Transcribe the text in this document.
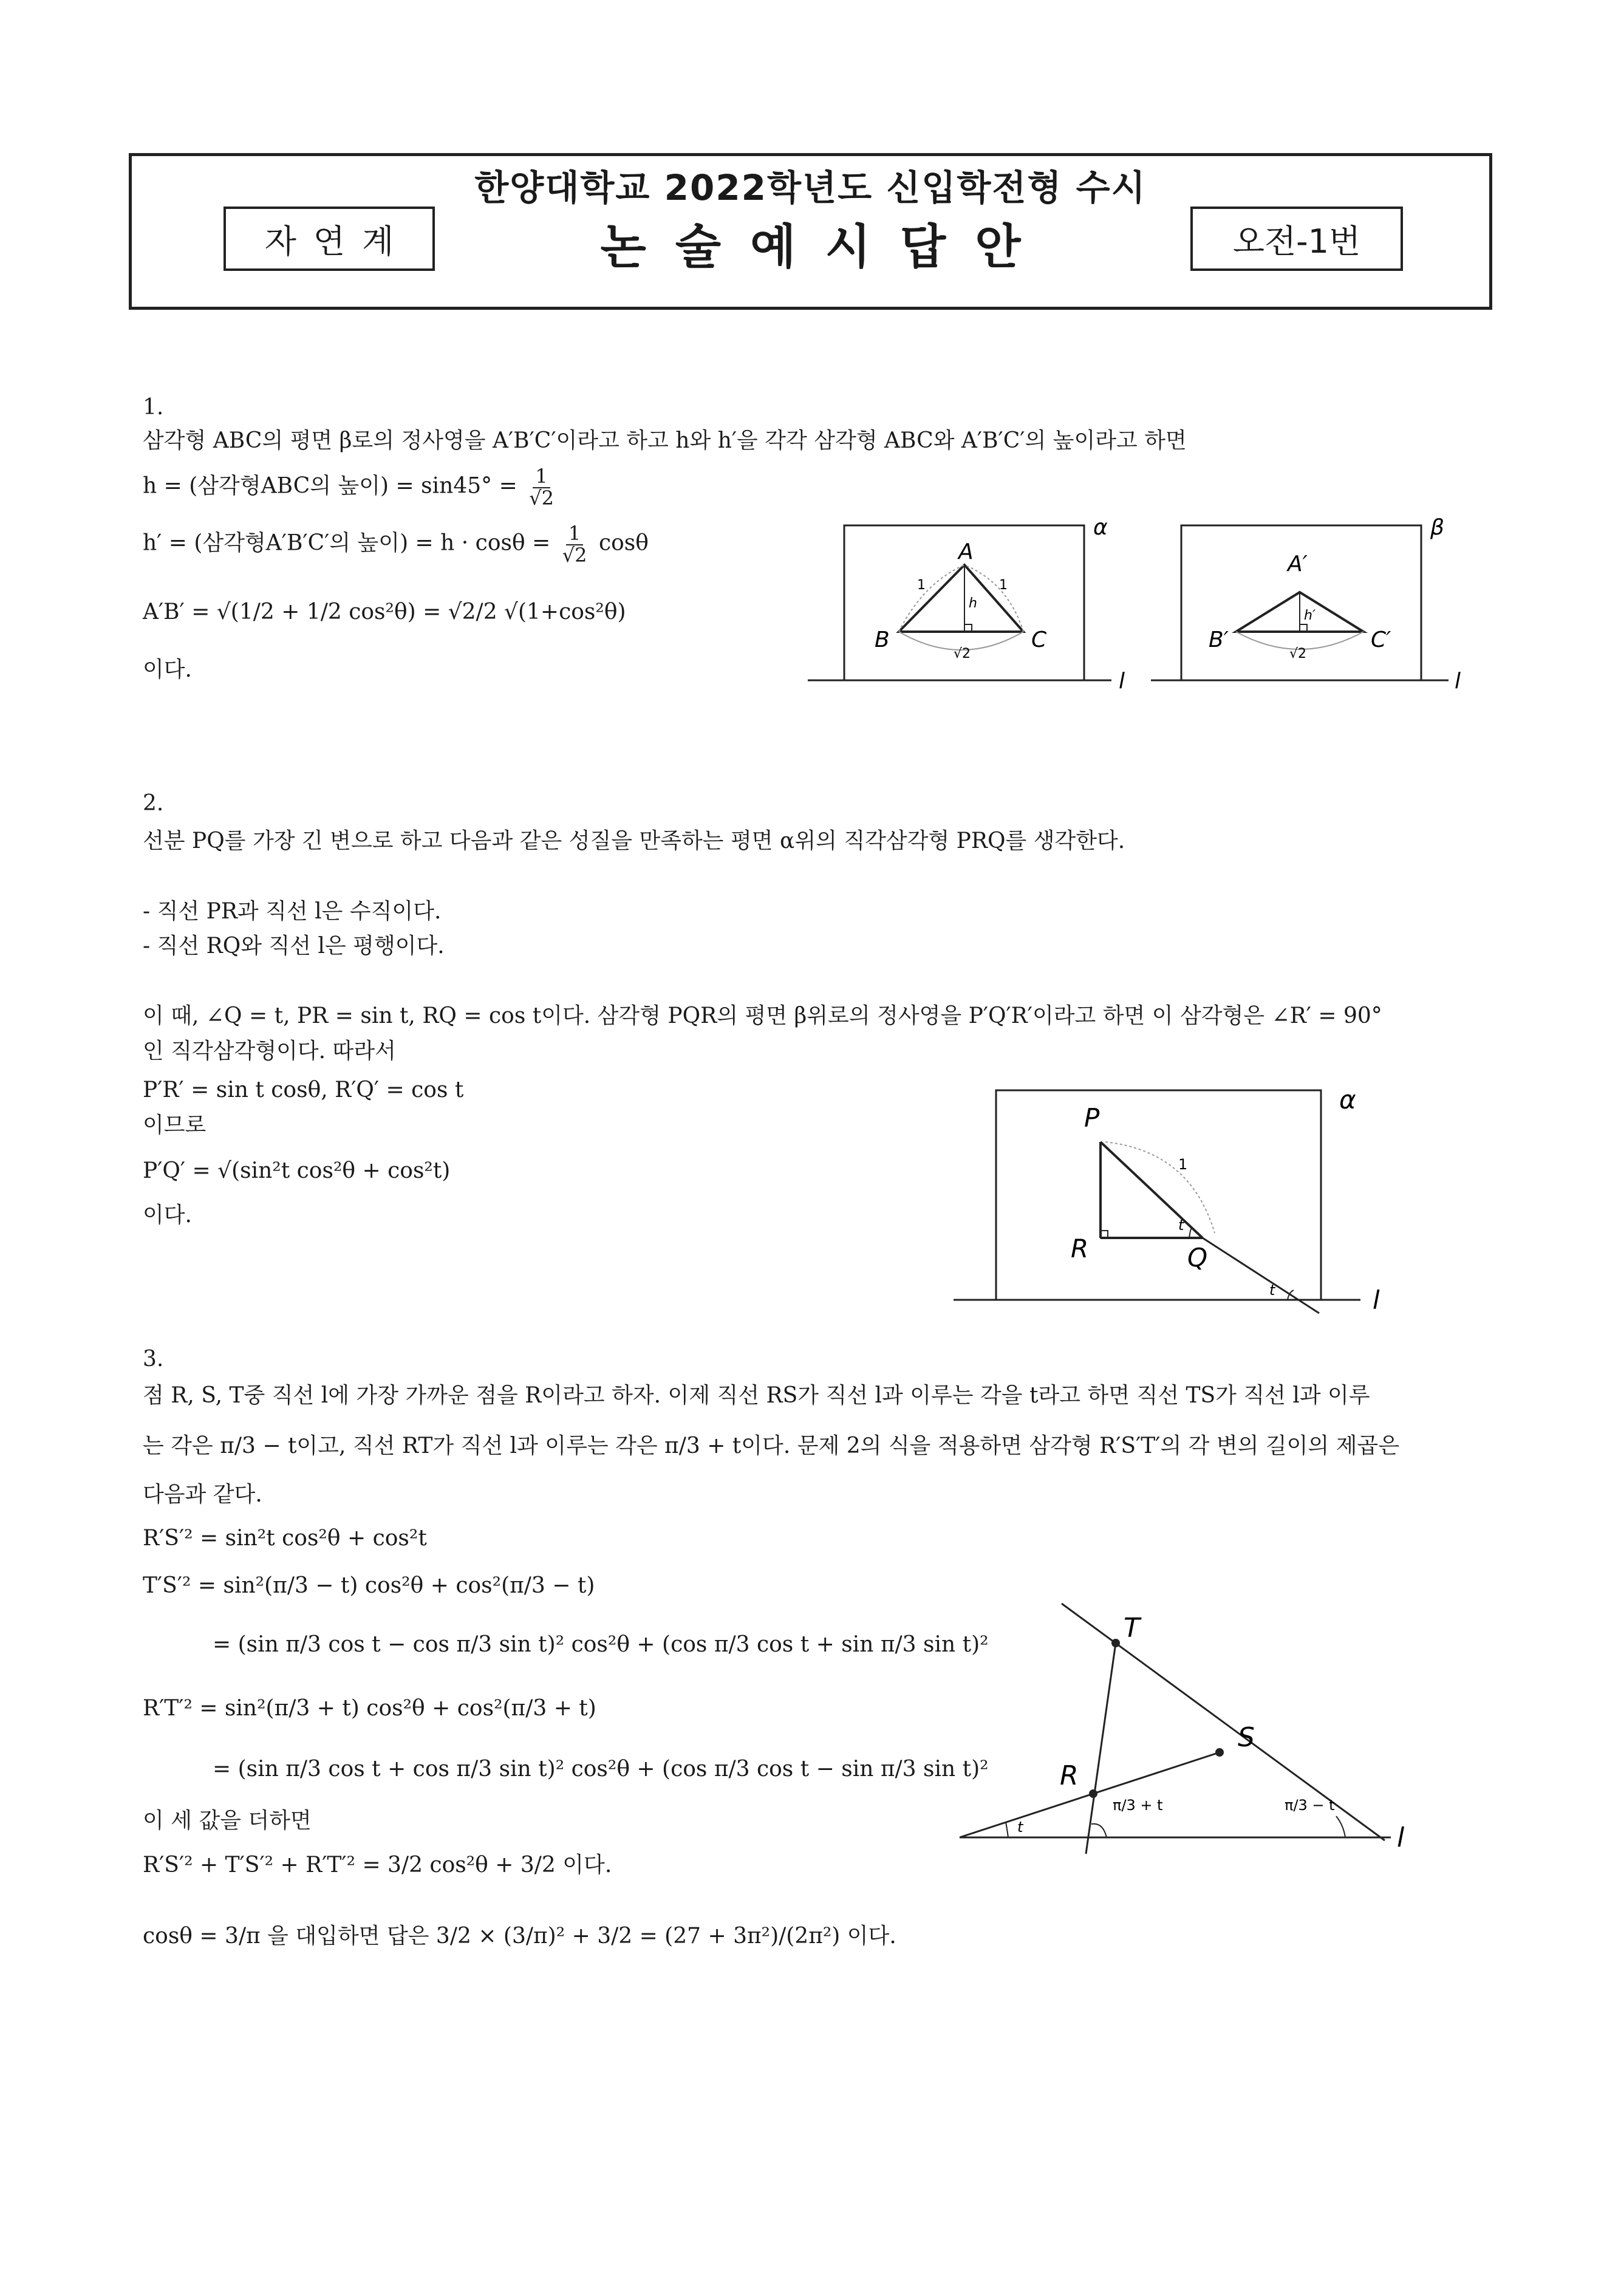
한양대학교 2022학년도 신입학전형 수시
자연계	논술예시답안	오전-1번
1.
삼각형 ABC의 평면 β로의 정사영을 A′B′C′이라고 하고 h와 h′을 각각 삼각형 ABC와 A′B′C′의 높이라고 하면
h = (삼각형ABC의 높이) = $\sin 45^\circ = \frac{1}{√2}$
h′ = (삼각형A′B′C′의 높이) = $h \cdot \cos\theta = \frac{1}{√2}$ cosθ
A′B′ = √(1/2 + 1/2 cos²θ) = √2/2 √(1+cos²θ)
이다.
A
B	C
h
1	1
√2
α
l
A′
B′	C′
h′
√2
β
l
2.
선분 PQ를 가장 긴 변으로 하고 다음과 같은 성질을 만족하는 평면 α위의 직각삼각형 PRQ를 생각한다.
- 직선 PR과 직선 l은 수직이다.
- 직선 RQ와 직선 l은 평행이다.
이 때, ∠Q = t, PR = sin t, RQ = cos t이다. 삼각형 PQR의 평면 β위로의 정사영을 P′Q′R′이라고 하면 이 삼각형은 ∠R′ = 90°
인 직각삼각형이다. 따라서
P′R′ = sin t cosθ, R′Q′ = cos t
이므로
P′Q′ = √(sin²t cos²θ + cos²t)
이다.
P
R	Q
1
t
t
α
l
3.
점 R, S, T중 직선 l에 가장 가까운 점을 R이라고 하자. 이제 직선 RS가 직선 l과 이루는 각을 t라고 하면 직선 TS가 직선 l과 이루
는 각은 π/3 − t이고, 직선 RT가 직선 l과 이루는 각은 π/3 + t이다. 문제 2의 식을 적용하면 삼각형 R′S′T′의 각 변의 길이의 제곱은
다음과 같다.
R′S′² = sin²t cos²θ + cos²t
T′S′² = sin²(π/3 − t) cos²θ + cos²(π/3 − t)
= (sin π/3 cos t − cos π/3 sin t)² cos²θ + (cos π/3 cos t + sin π/3 sin t)²
R′T′² = sin²(π/3 + t) cos²θ + cos²(π/3 + t)
= (sin π/3 cos t + cos π/3 sin t)² cos²θ + (cos π/3 cos t − sin π/3 sin t)²
이 세 값을 더하면
R′S′² + T′S′² + R′T′² = 3/2 cos²θ + 3/2 이다.
cosθ = 3/π 을 대입하면 답은 3/2 × (3/π)² + 3/2 = (27 + 3π²)/(2π²) 이다.
T
S
R
t
π/3 + t	π/3 − t
l
